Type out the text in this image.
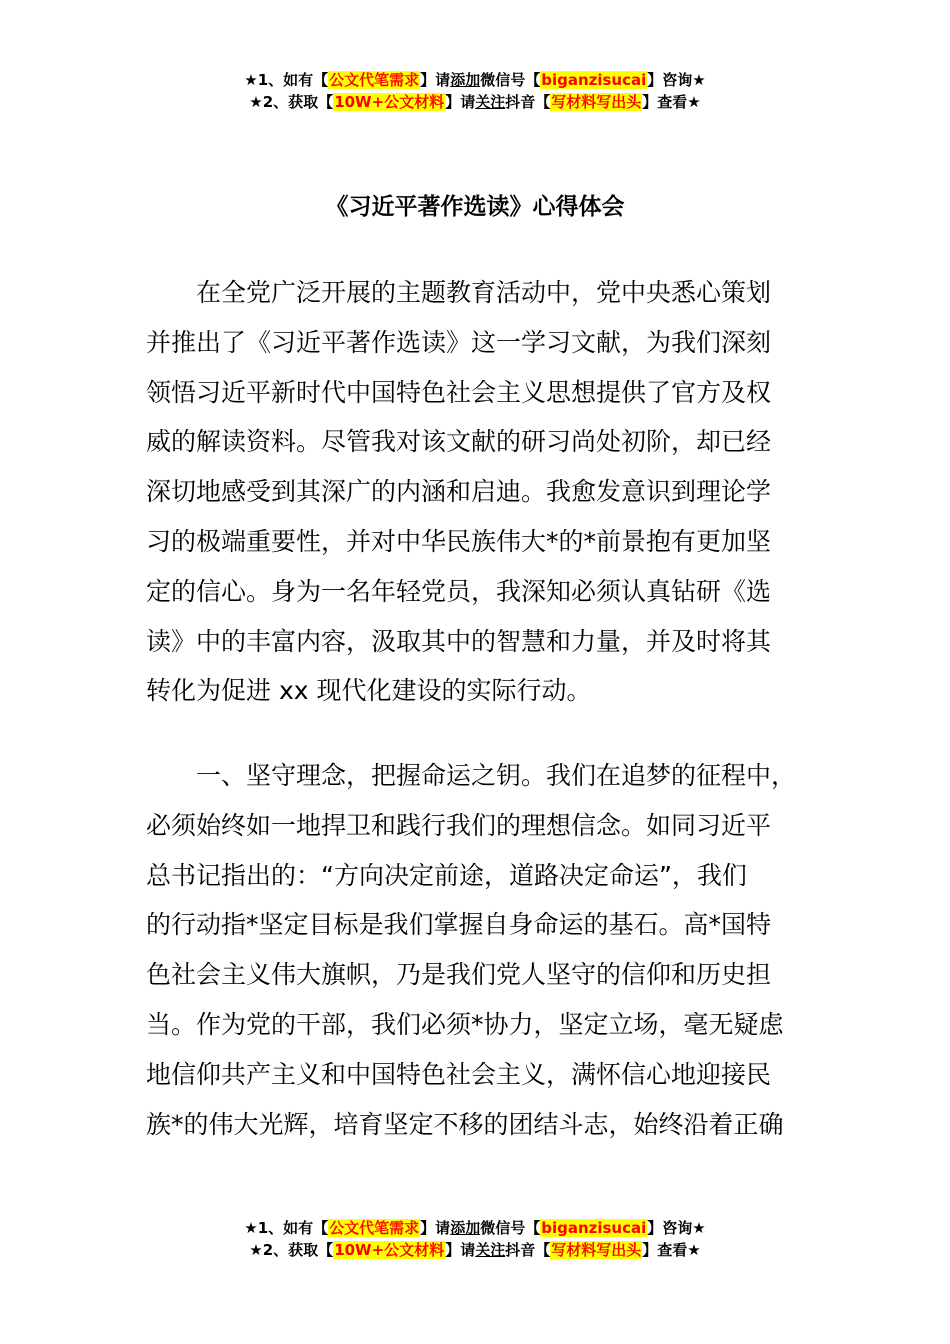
★1、如有【公文代笔需求】请添加微信号【biganzisucai】咨询★
★2、获取【10W+公文材料】请关注抖音【写材料写出头】查看★
《习近平著作选读》心得体会
在全党广泛开展的主题教育活动中，党中央悉心策划
并推出了《习近平著作选读》这一学习文献，为我们深刻
领悟习近平新时代中国特色社会主义思想提供了官方及权
威的解读资料。尽管我对该文献的研习尚处初阶，却已经
深切地感受到其深广的内涵和启迪。我愈发意识到理论学
习的极端重要性，并对中华民族伟大*的*前景抱有更加坚
定的信心。身为一名年轻党员，我深知必须认真钻研《选
读》中的丰富内容，汲取其中的智慧和力量，并及时将其
转化为促进 xx 现代化建设的实际行动。
一、坚守理念，把握命运之钥。我们在追梦的征程中，
必须始终如一地捍卫和践行我们的理想信念。如同习近平
总书记指出的：“方向决定前途，道路决定命运”，我们
的行动指*坚定目标是我们掌握自身命运的基石。高*国特
色社会主义伟大旗帜，乃是我们党人坚守的信仰和历史担
当。作为党的干部，我们必须*协力，坚定立场，毫无疑虑
地信仰共产主义和中国特色社会主义，满怀信心地迎接民
族*的伟大光辉，培育坚定不移的团结斗志，始终沿着正确
★1、如有【公文代笔需求】请添加微信号【biganzisucai】咨询★
★2、获取【10W+公文材料】请关注抖音【写材料写出头】查看★
